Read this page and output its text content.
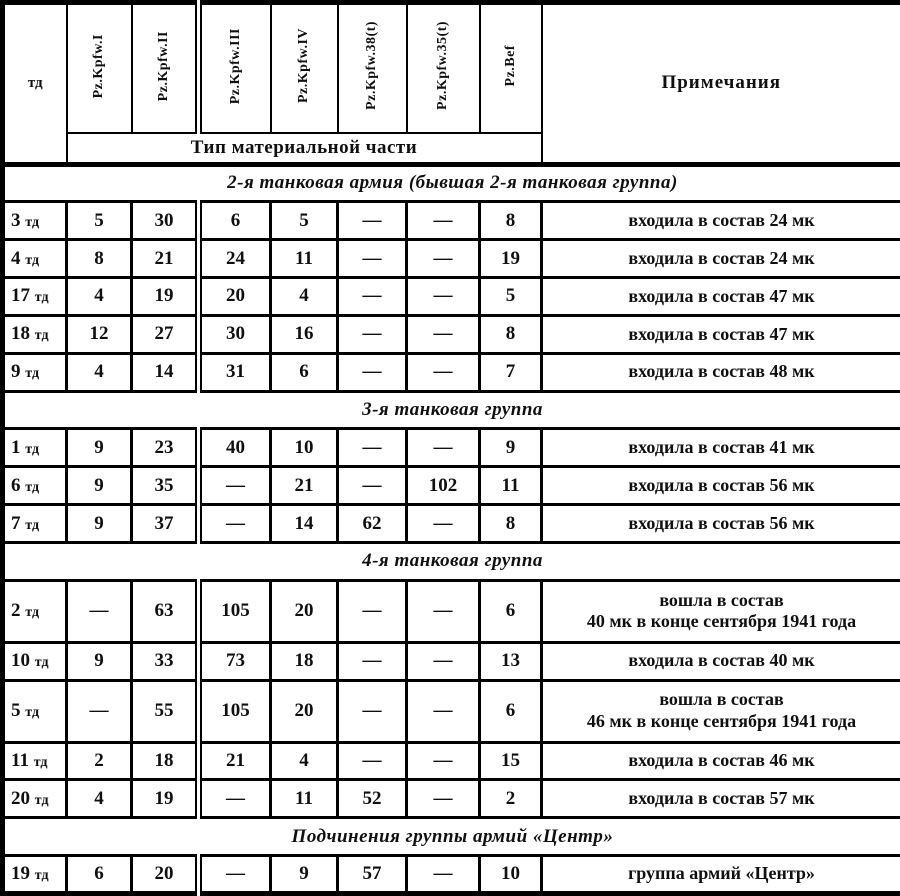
тд	Pz.Kpfw.I	Pz.Kpfw.II	Pz.Kpfw.III	Pz.Kpfw.IV	Pz.Kpfw.38(t)	Pz.Kpfw.35(t)	Pz.Bef	Примечания
	Тип материальной части							
2-я танковая армия (бывшая 2-я танковая группа)								
3 тд	5	30	6	5	—	—	8	входила в состав 24 мк
4 тд	8	21	24	11	—	—	19	входила в состав 24 мк
17 тд	4	19	20	4	—	—	5	входила в состав 47 мк
18 тд	12	27	30	16	—	—	8	входила в состав 47 мк
9 тд	4	14	31	6	—	—	7	входила в состав 48 мк
3-я танковая группа								
1 тд	9	23	40	10	—	—	9	входила в состав 41 мк
6 тд	9	35	—	21	—	102	11	входила в состав 56 мк
7 тд	9	37	—	14	62	—	8	входила в состав 56 мк
4-я танковая группа								
2 тд	—	63	105	20	—	—	6	вошла в состав
40 мк в конце сентября 1941 года
10 тд	9	33	73	18	—	—	13	входила в состав 40 мк
5 тд	—	55	105	20	—	—	6	вошла в состав
46 мк в конце сентября 1941 года
11 тд	2	18	21	4	—	—	15	входила в состав 46 мк
20 тд	4	19	—	11	52	—	2	входила в состав 57 мк
Подчинения группы армий «Центр»								
19 тд	6	20	—	9	57	—	10	группа армий «Центр»
